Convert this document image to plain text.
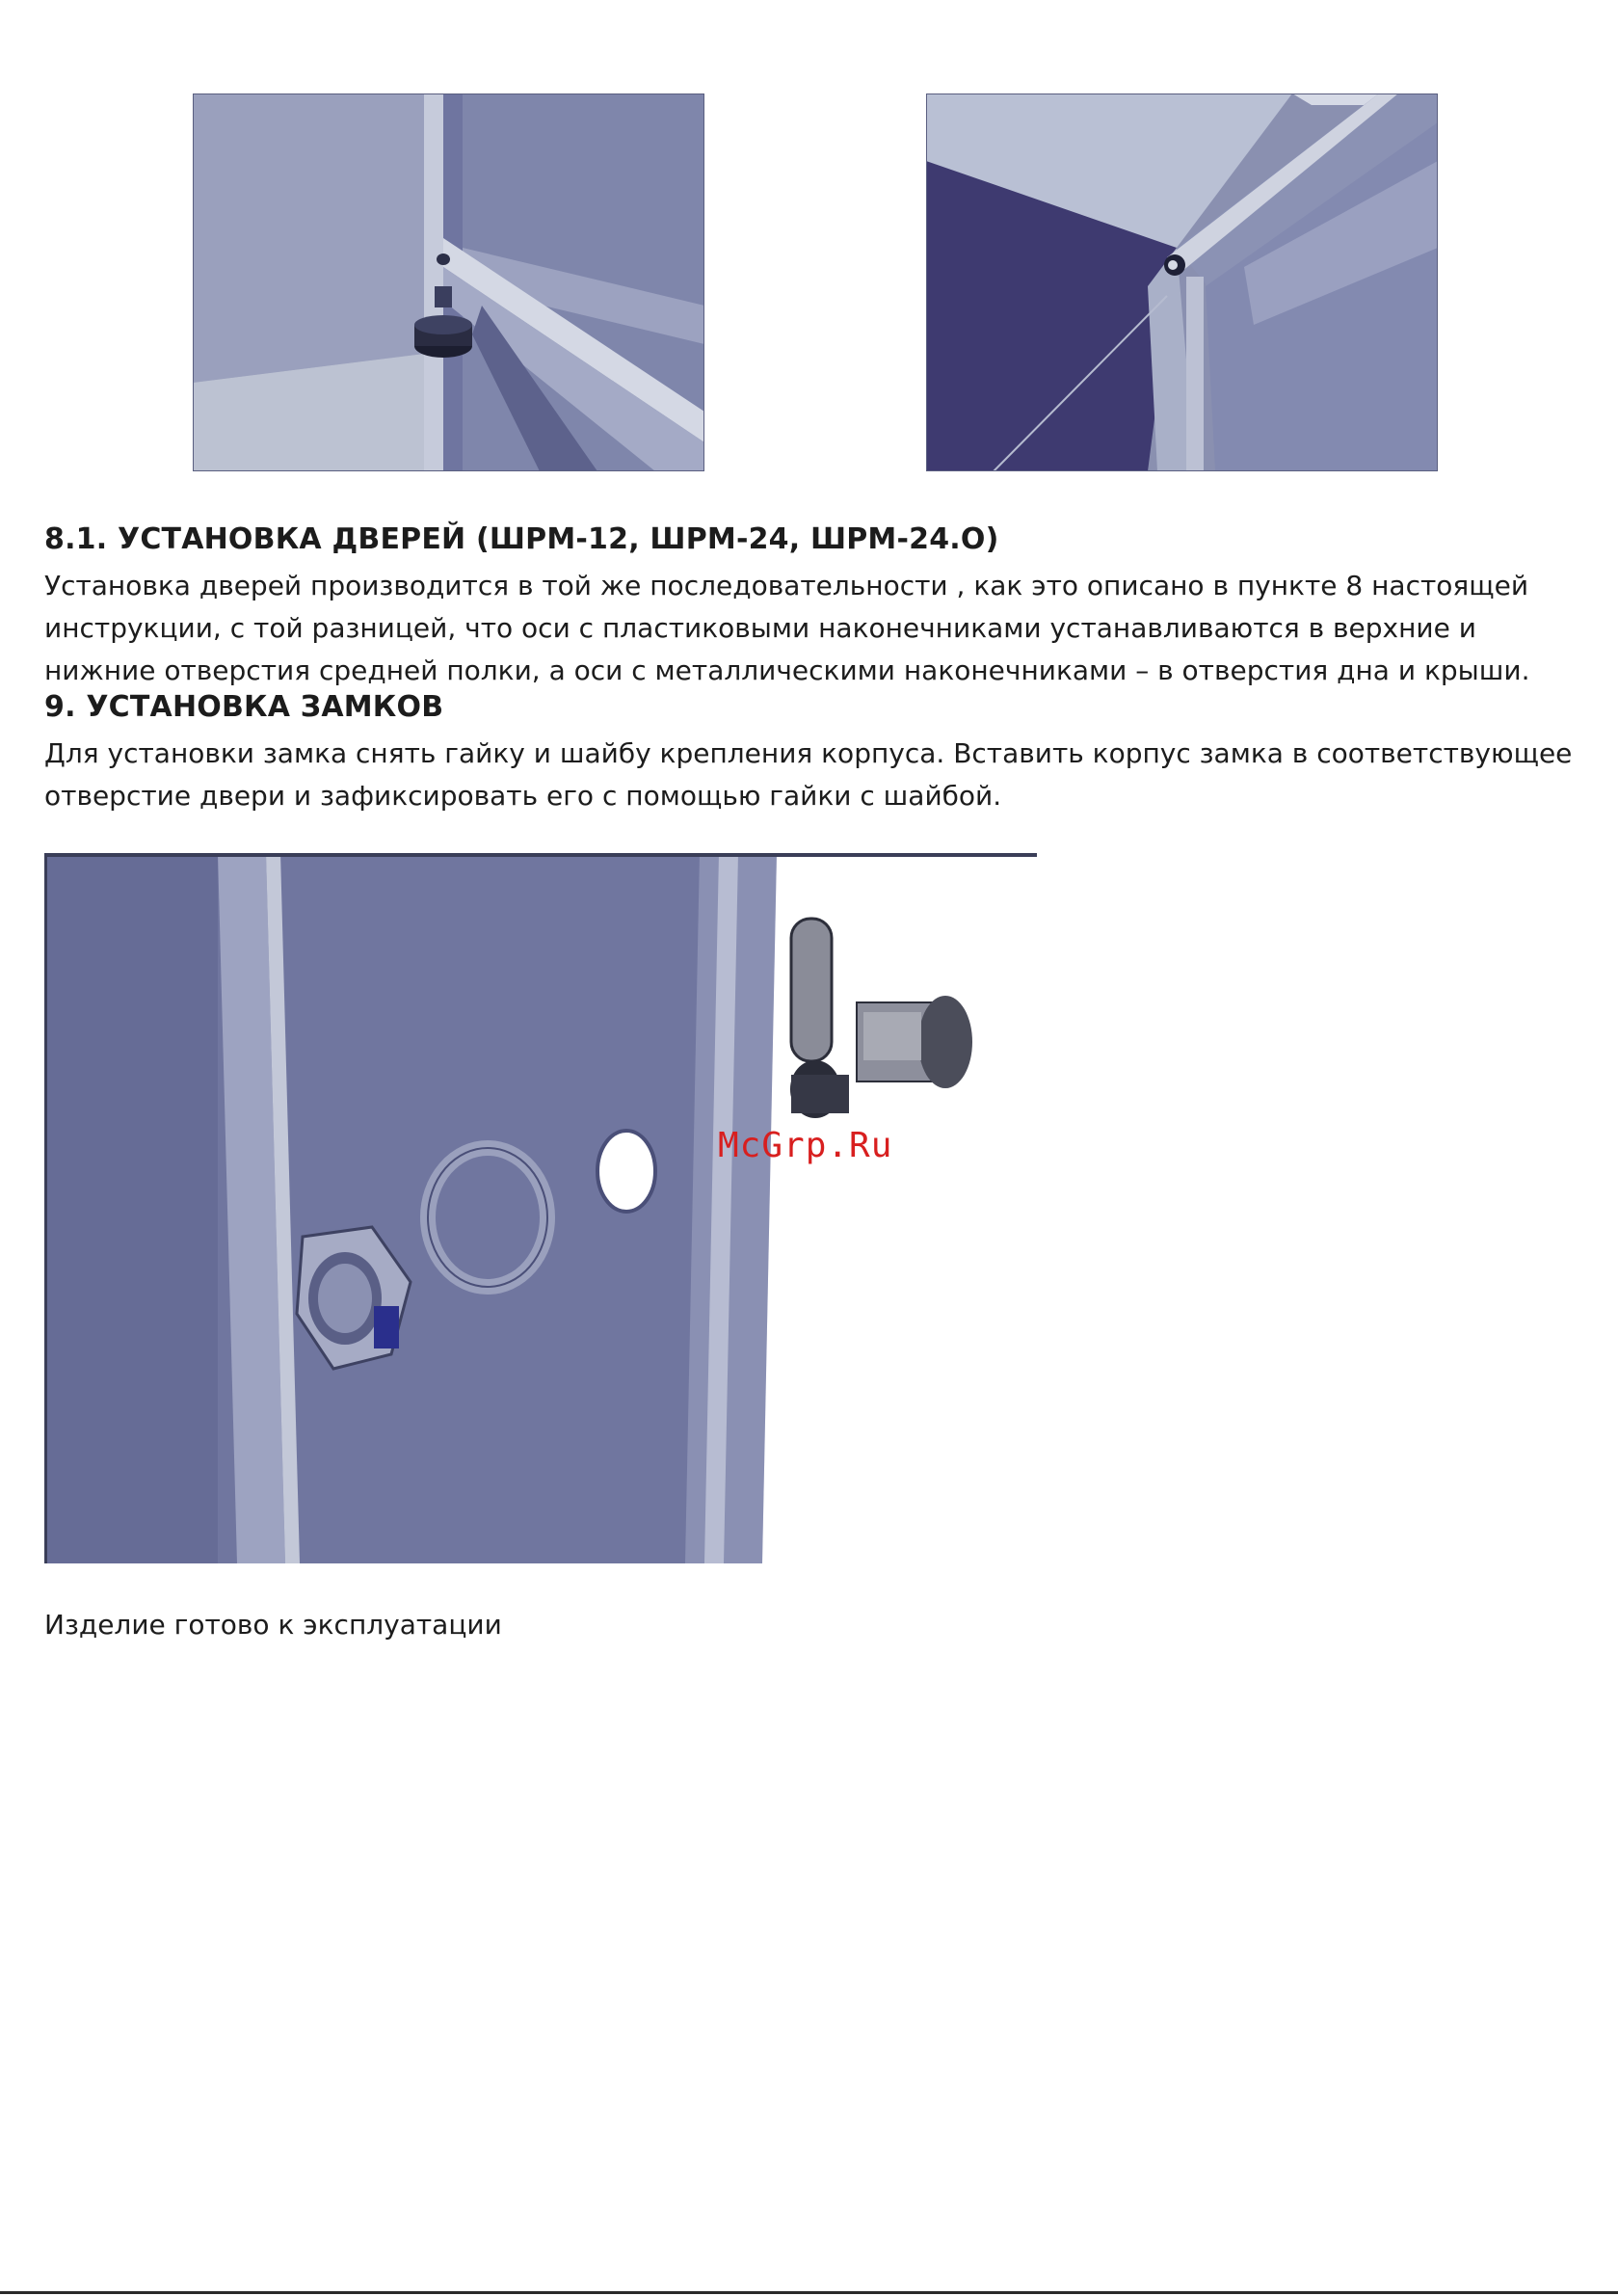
8.1. УСТАНОВКА ДВЕРЕЙ (ШРМ-12, ШРМ-24, ШРМ-24.О)

Установка дверей производится в той же последовательности , как это описано в пункте 8 настоящей инструкции, с той разницей, что оси с пластиковыми наконечниками устанавливаются в верхние и нижние отверстия средней полки, а оси с металлическими наконечниками – в отверстия дна и крыши.

9. УСТАНОВКА ЗАМКОВ

Для установки замка снять гайку и шайбу крепления корпуса. Вставить корпус замка в соответствующее отверстие двери и зафиксировать его с помощью гайки с шайбой.

McGrp.Ru

Изделие готово к эксплуатации
